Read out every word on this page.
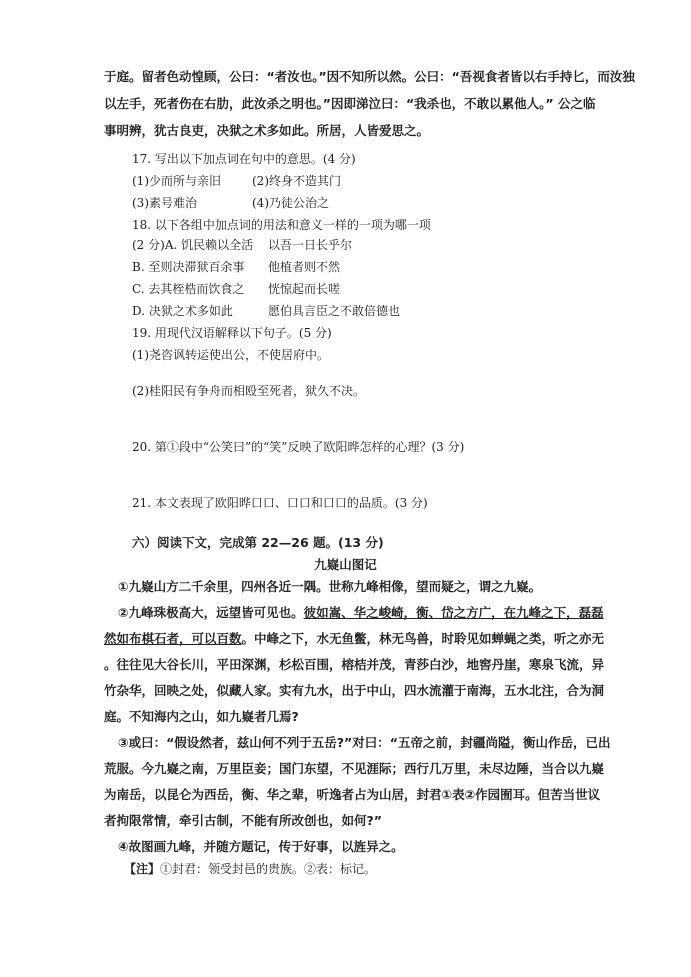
于庭。留者色动惶顾，公曰：“者汝也。”因不知所以然。公曰：“吾视食者皆以右手持匕，而汝独
以左手，死者伤在右肋，此汝杀之明也。”因即涕泣曰：“我杀也，不敢以累他人。” 公之临
事明辨，犹古良吏，决狱之术多如此。所居，人皆爱思之。
17. 写出以下加点词在句中的意思。(4 分)
(1)少而所与亲旧	(2)终身不造其门
(3)素号难治	(4)乃徒公治之
18. 以下各组中加点词的用法和意义一样的一项为哪一项
(2 分)A. 饥民赖以全活 以吾一日长乎尔
B. 至则决滞狱百余事 他植者则不然
C. 去其桎梏而饮食之 恍惊起而长嗟
D. 决狱之术多如此	愿伯具言臣之不敢倍德也
19. 用现代汉语解释以下句子。(5 分)
(1)尧咨讽转运使出公，不使居府中。
(2)桂阳民有争舟而相殴至死者，狱久不决。
20. 第①段中“公笑曰”的“笑”反映了欧阳晔怎样的心理？(3 分)
21. 本文表现了欧阳晔口口、口口和口口的品质。(3 分)
六）阅读下文，完成第 22—26 题。(13 分)
九嶷山图记
①九嶷山方二千余里，四州各近一隅。世称九峰相像，望而疑之，谓之九嶷。
②九峰珠极高大，远望皆可见也。彼如嵩、华之峻崎，衡、岱之方广，在九峰之下，磊磊
然如布棋石者，可以百数。中峰之下，水无鱼鳖，林无鸟兽，时聆见如蝉蝇之类，听之亦无
。往往见大谷长川，平田深渊，杉松百围，榕桔并茂，青莎白沙，地窖丹崖，寒泉飞流，异
竹杂华，回映之处，似藏人家。实有九水，出于中山，四水流灌于南海，五水北注，合为洞
庭。不知海内之山，如九嶷者几焉?
③或曰：“假设然者，兹山何不列于五岳?”对曰：“五帝之前，封疆尚隘，衡山作岳，已出
荒服。今九嶷之南，万里臣妾；国门东望，不见涯际；西行几万里，未尽边陲，当合以九嶷
为南岳，以昆仑为西岳，衡、华之辈，听逸者占为山居，封君①表②作园囿耳。但苦当世议
者拘限常情，牵引古制，不能有所改创也，如何?”
④故图画九峰，并随方题记，传于好事，以旌异之。
【注】①封君：领受封邑的贵族。②表：标记。
